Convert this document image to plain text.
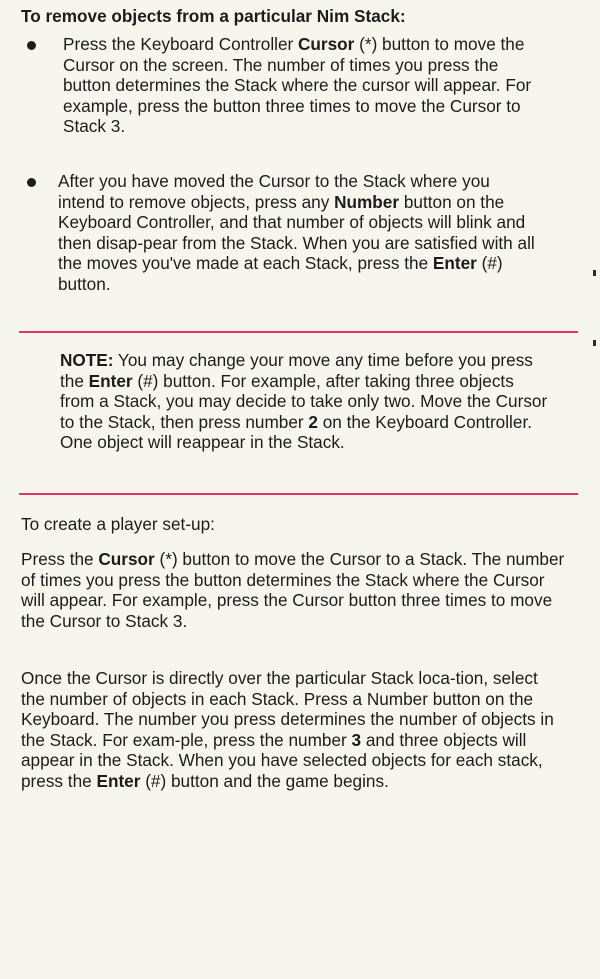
To remove objects from a particular Nim Stack:

Press the Keyboard Controller Cursor (*) button to move the Cursor on the screen. The number of times you press the button determines the Stack where the cursor will appear. For example, press the button three times to move the Cursor to Stack 3.

After you have moved the Cursor to the Stack where you intend to remove objects, press any Number button on the Keyboard Controller, and that number of objects will blink and then disap-pear from the Stack. When you are satisfied with all the moves you've made at each Stack, press the Enter (#) button.

NOTE: You may change your move any time before you press the Enter (#) button. For example, after taking three objects from a Stack, you may decide to take only two. Move the Cursor to the Stack, then press number 2 on the Keyboard Controller. One object will reappear in the Stack.

To create a player set-up:

Press the Cursor (*) button to move the Cursor to a Stack. The number of times you press the button determines the Stack where the Cursor will appear. For example, press the Cursor button three times to move the Cursor to Stack 3.

Once the Cursor is directly over the particular Stack loca-tion, select the number of objects in each Stack. Press a Number button on the Keyboard. The number you press determines the number of objects in the Stack. For exam-ple, press the number 3 and three objects will appear in the Stack. When you have selected objects for each stack, press the Enter (#) button and the game begins.
